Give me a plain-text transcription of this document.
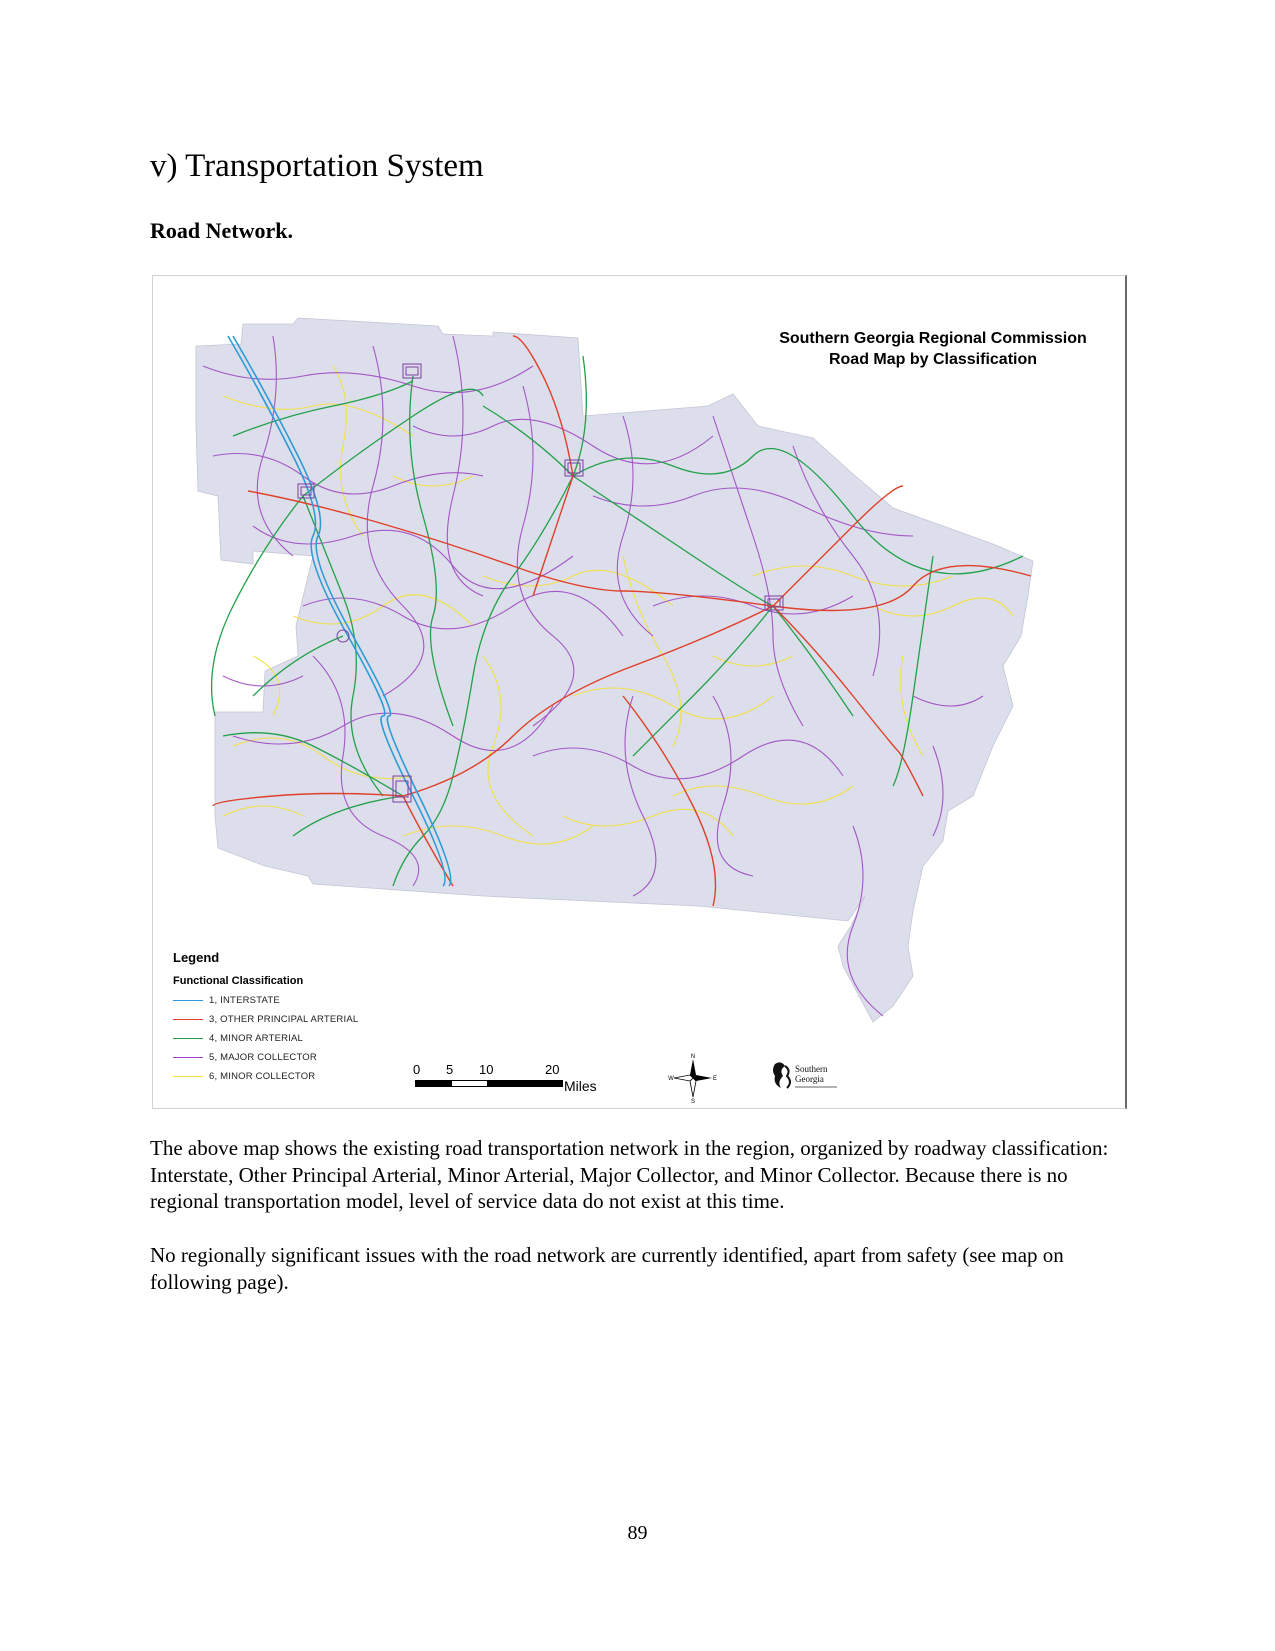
v) Transportation System
Road Network.
Southern Georgia Regional Commission
Road Map by Classification
Legend
Functional Classification
1, INTERSTATE
3, OTHER PRINCIPAL ARTERIAL
4, MINOR ARTERIAL
5, MAJOR COLLECTOR
6, MINOR COLLECTOR	0 5 10	20
Miles
N
S
W	E
Southern
Georgia

The above map shows the existing road transportation network in the region, organized by roadway classification: Interstate, Other Principal Arterial, Minor Arterial, Major Collector, and Minor Collector. Because there is no regional transportation model, level of service data do not exist at this time.

No regionally significant issues with the road network are currently identified, apart from safety (see map on following page).

89
